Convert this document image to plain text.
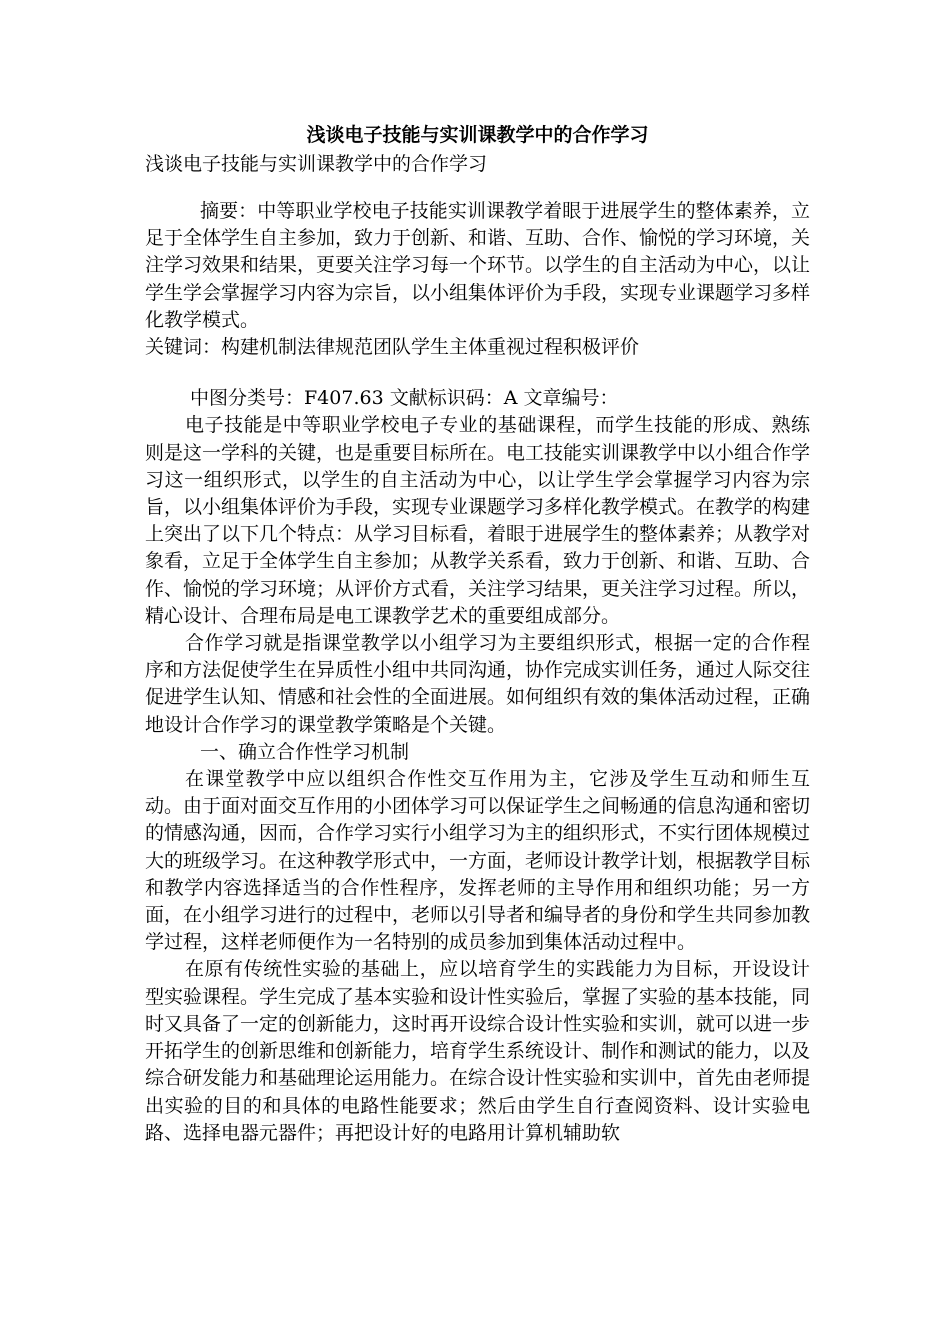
浅谈电子技能与实训课教学中的合作学习
浅谈电子技能与实训课教学中的合作学习

摘要：中等职业学校电子技能实训课教学着眼于进展学生的整体素养，立足于全体学生自主参加，致力于创新、和谐、互助、合作、愉悦的学习环境，关注学习效果和结果，更要关注学习每一个环节。以学生的自主活动为中心，以让学生学会掌握学习内容为宗旨，以小组集体评价为手段，实现专业课题学习多样化教学模式。

关键词：构建机制法律规范团队学生主体重视过程积极评价

中图分类号：F407.63 文献标识码：A 文章编号：

电子技能是中等职业学校电子专业的基础课程，而学生技能的形成、熟练则是这一学科的关键，也是重要目标所在。电工技能实训课教学中以小组合作学习这一组织形式，以学生的自主活动为中心，以让学生学会掌握学习内容为宗旨，以小组集体评价为手段，实现专业课题学习多样化教学模式。在教学的构建上突出了以下几个特点：从学习目标看，着眼于进展学生的整体素养；从教学对象看，立足于全体学生自主参加；从教学关系看，致力于创新、和谐、互助、合作、愉悦的学习环境；从评价方式看，关注学习结果，更关注学习过程。所以，精心设计、合理布局是电工课教学艺术的重要组成部分。

合作学习就是指课堂教学以小组学习为主要组织形式，根据一定的合作程序和方法促使学生在异质性小组中共同沟通，协作完成实训任务，通过人际交往促进学生认知、情感和社会性的全面进展。如何组织有效的集体活动过程，正确地设计合作学习的课堂教学策略是个关键。

一、确立合作性学习机制

在课堂教学中应以组织合作性交互作用为主，它涉及学生互动和师生互动。由于面对面交互作用的小团体学习可以保证学生之间畅通的信息沟通和密切的情感沟通，因而，合作学习实行小组学习为主的组织形式，不实行团体规模过大的班级学习。在这种教学形式中，一方面，老师设计教学计划，根据教学目标和教学内容选择适当的合作性程序，发挥老师的主导作用和组织功能；另一方面，在小组学习进行的过程中，老师以引导者和编导者的身份和学生共同参加教学过程，这样老师便作为一名特别的成员参加到集体活动过程中。

在原有传统性实验的基础上，应以培育学生的实践能力为目标，开设设计型实验课程。学生完成了基本实验和设计性实验后，掌握了实验的基本技能，同时又具备了一定的创新能力，这时再开设综合设计性实验和实训，就可以进一步开拓学生的创新思维和创新能力，培育学生系统设计、制作和测试的能力，以及综合研发能力和基础理论运用能力。在综合设计性实验和实训中，首先由老师提出实验的目的和具体的电路性能要求；然后由学生自行查阅资料、设计实验电路、选择电器元器件；再把设计好的电路用计算机辅助软
